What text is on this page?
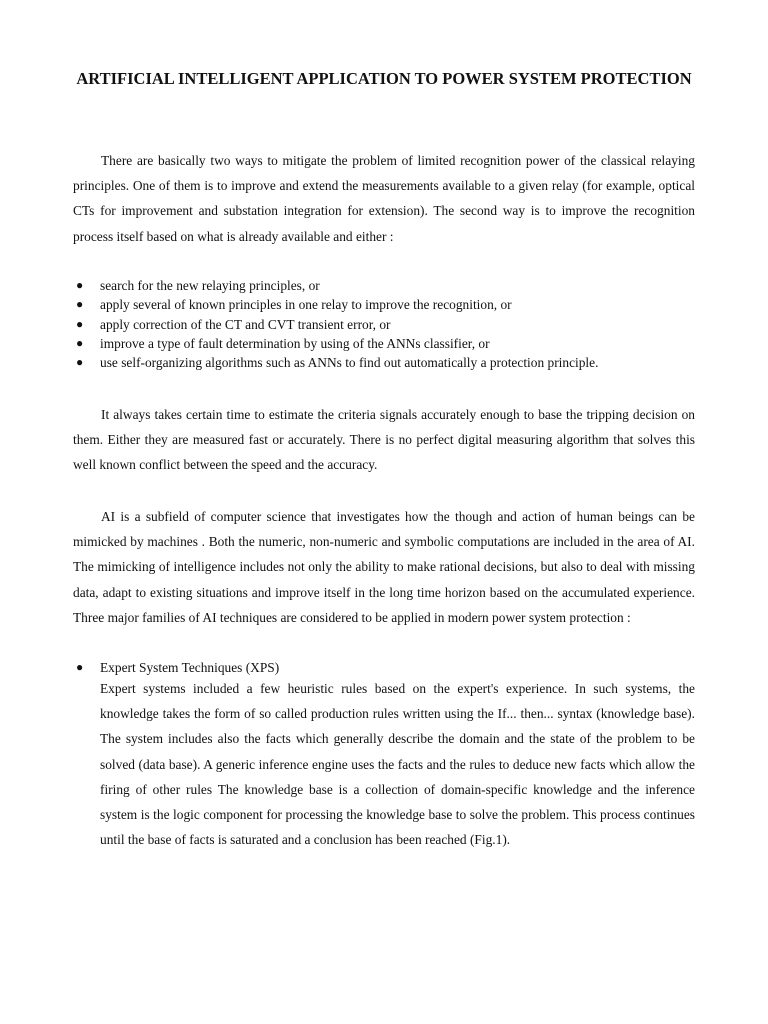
ARTIFICIAL INTELLIGENT APPLICATION TO POWER SYSTEM PROTECTION

There are basically two ways to mitigate the problem of limited recognition power of the classical relaying principles. One of them is to improve and extend the measurements available to a given relay (for example, optical CTs for improvement and substation integration for extension). The second way is to improve the recognition process itself based on what is already available and either :

● search for the new relaying principles, or
● apply several of known principles in one relay to improve the recognition, or
● apply correction of the CT and CVT transient error, or
● improve a type of fault determination by using of the ANNs classifier, or
● use self-organizing algorithms such as ANNs to find out automatically a protection principle.

It always takes certain time to estimate the criteria signals accurately enough to base the tripping decision on them. Either they are measured fast or accurately. There is no perfect digital measuring algorithm that solves this well known conflict between the speed and the accuracy.

AI is a subfield of computer science that investigates how the though and action of human beings can be mimicked by machines . Both the numeric, non-numeric and symbolic computations are included in the area of AI. The mimicking of intelligence includes not only the ability to make rational decisions, but also to deal with missing data, adapt to existing situations and improve itself in the long time horizon based on the accumulated experience. Three major families of AI techniques are considered to be applied in modern power system protection :

● Expert System Techniques (XPS)

Expert systems included a few heuristic rules based on the expert's experience. In such systems, the knowledge takes the form of so called production rules written using the If... then... syntax (knowledge base). The system includes also the facts which generally describe the domain and the state of the problem to be solved (data base). A generic inference engine uses the facts and the rules to deduce new facts which allow the firing of other rules The knowledge base is a collection of domain-specific knowledge and the inference system is the logic component for processing the knowledge base to solve the problem. This process continues until the base of facts is saturated and a conclusion has been reached (Fig.1).
